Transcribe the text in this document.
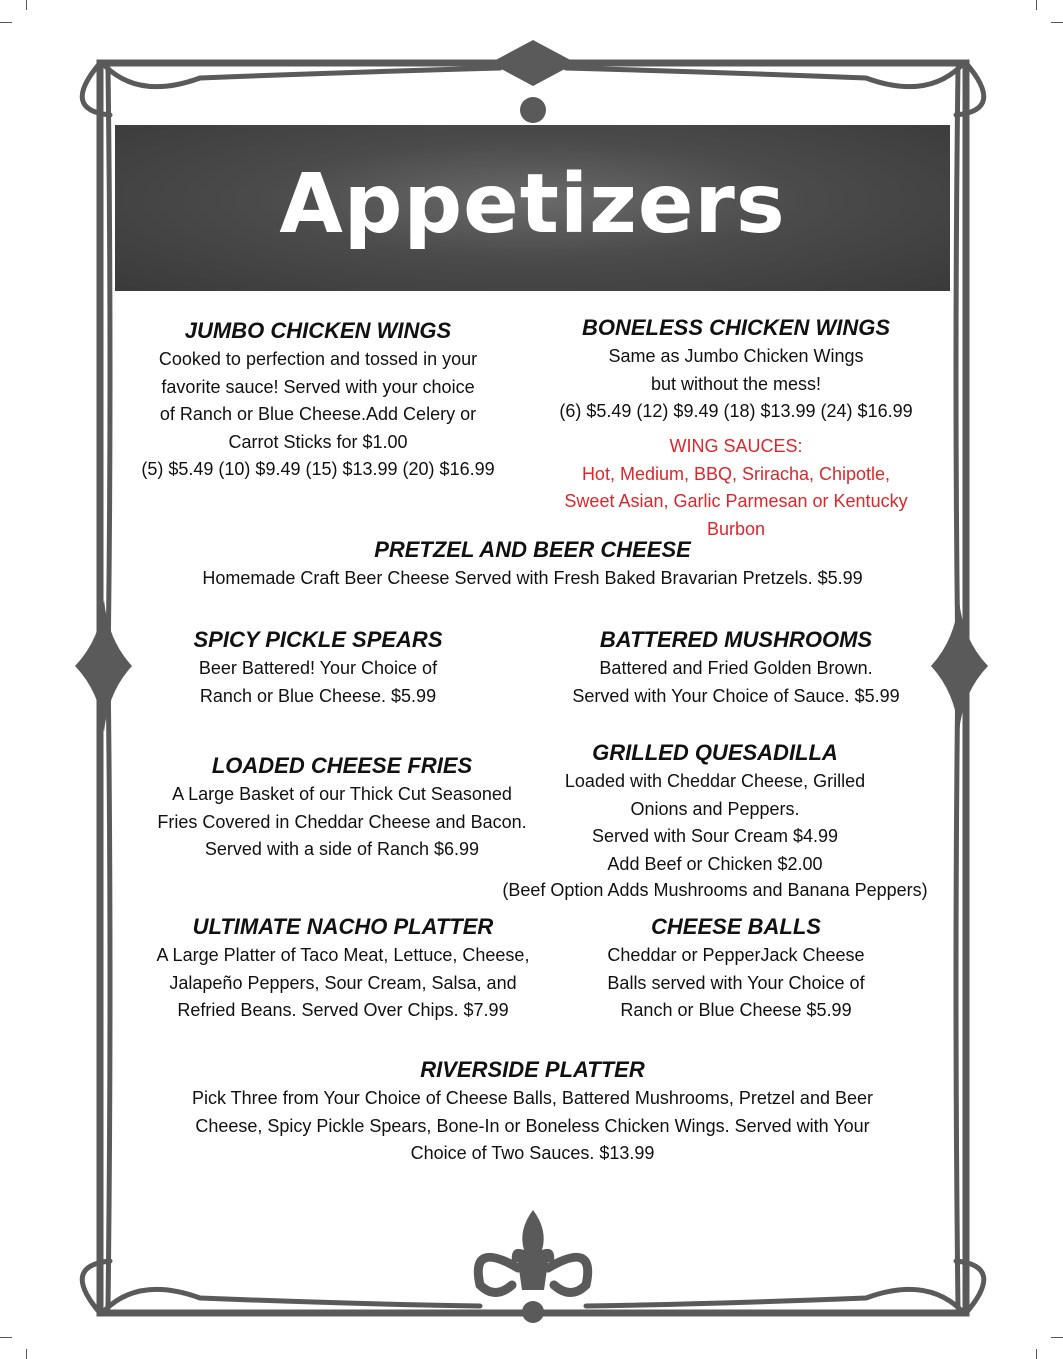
Appetizers
JUMBO CHICKEN WINGS

Cooked to perfection and tossed in your

favorite sauce! Served with your choice

of Ranch or Blue Cheese.Add Celery or

Carrot Sticks for $1.00

(5) $5.49 (10) $9.49 (15) $13.99 (20) $16.99

BONELESS CHICKEN WINGS

Same as Jumbo Chicken Wings

but without the mess!

(6) $5.49 (12) $9.49 (18) $13.99 (24) $16.99

WING SAUCES:

Hot, Medium, BBQ, Sriracha, Chipotle,

Sweet Asian, Garlic Parmesan or Kentucky

Burbon

PRETZEL AND BEER CHEESE

Homemade Craft Beer Cheese Served with Fresh Baked Bravarian Pretzels. $5.99

SPICY PICKLE SPEARS

Beer Battered! Your Choice of

Ranch or Blue Cheese. $5.99

BATTERED MUSHROOMS

Battered and Fried Golden Brown.

Served with Your Choice of Sauce. $5.99

LOADED CHEESE FRIES

A Large Basket of our Thick Cut Seasoned

Fries Covered in Cheddar Cheese and Bacon.

Served with a side of Ranch $6.99

GRILLED QUESADILLA

Loaded with Cheddar Cheese, Grilled

Onions and Peppers.

Served with Sour Cream $4.99

Add Beef or Chicken $2.00

(Beef Option Adds Mushrooms and Banana Peppers)

ULTIMATE NACHO PLATTER

A Large Platter of Taco Meat, Lettuce, Cheese,

Jalapeño Peppers, Sour Cream, Salsa, and

Refried Beans. Served Over Chips. $7.99

CHEESE BALLS

Cheddar or PepperJack Cheese

Balls served with Your Choice of

Ranch or Blue Cheese $5.99

RIVERSIDE PLATTER

Pick Three from Your Choice of Cheese Balls, Battered Mushrooms, Pretzel and Beer

Cheese, Spicy Pickle Spears, Bone-In or Boneless Chicken Wings. Served with Your

Choice of Two Sauces. $13.99
